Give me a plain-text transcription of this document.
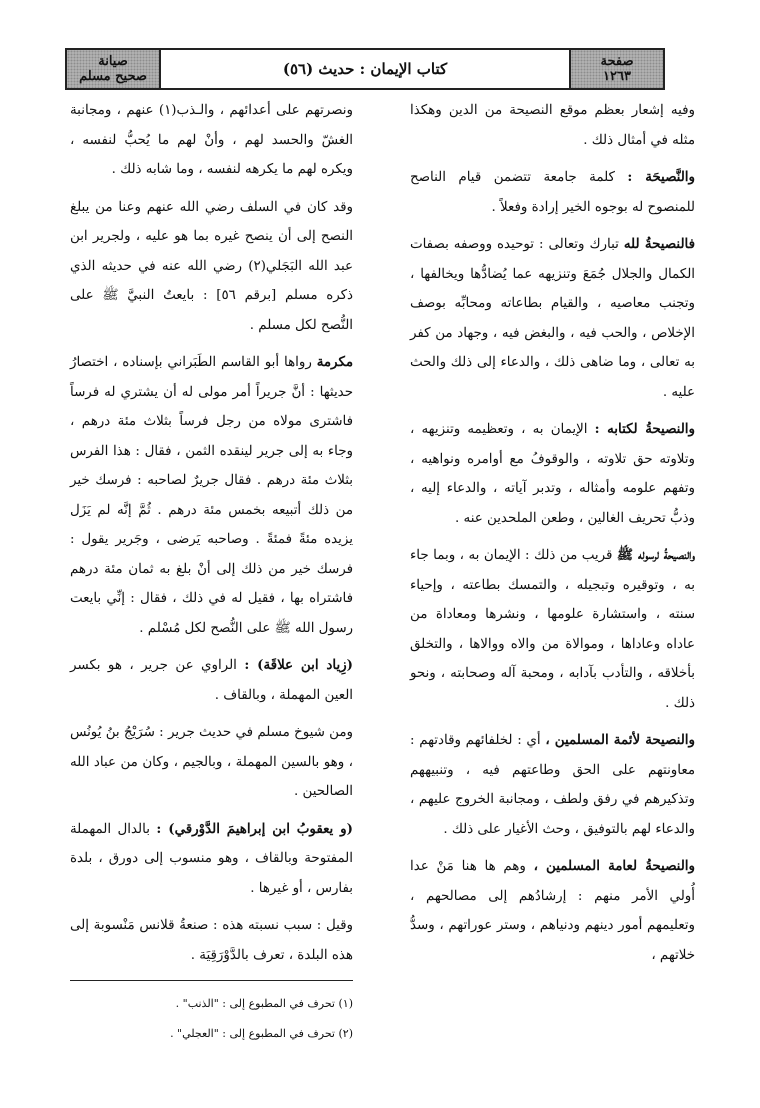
صفحة
١٢٦٣
كتاب الإيمان : حديث (٥٦)
صيانة
صحيح مسلم

وفيه إشعار بعظم موقع النصيحة من الدين وهكذا مثله في أمثال ذلك .

والنَّصيحَة : كلمة جامعة تتضمن قيام الناصح للمنصوح له بوجوه الخير إرادة وفعلاً .

فالنصيحةُ لله تبارك وتعالى : توحيده ووصفه بصفات الكمال والجلال جُمَعَ وتنزيهه عما يُضادُّها ويخالفها ، وتجنب معاصيه ، والقيام بطاعاته ومحابِّه بوصف الإخلاص ، والحب فيه ، والبغض فيه ، وجهاد من كفر به تعالى ، وما ضاهى ذلك ، والدعاء إلى ذلك والحث عليه .

والنصيحةُ لكتابه : الإيمان به ، وتعظيمه وتنزيهه ، وتلاوته حق تلاوته ، والوقوفُ مع أوامره ونواهيه ، وتفهم علومه وأمثاله ، وتدبر آياته ، والدعاء إليه ، وذبُّ تحريف الغالين ، وطعن الملحدين عنه .

والنصيحةُ لرسوله ﷺ قريب من ذلك : الإيمان به ، وبما جاء به ، وتوقيره وتبجيله ، والتمسك بطاعته ، وإحياء سنته ، واستشارة علومها ، ونشرها ومعاداة من عاداه وعاداها ، وموالاة من والاه ووالاها ، والتخلق بأخلاقه ، والتأدب بآدابه ، ومحبة آله وصحابته ، ونحو ذلك .

والنصيحة لأئمة المسلمين ، أي : لخلفائهم وقادتهم : معاونتهم على الحق وطاعتهم فيه ، وتنبيههم وتذكيرهم في رفق ولطف ، ومجانبة الخروج عليهم ، والدعاء لهم بالتوفيق ، وحث الأغيار على ذلك .

والنصيحةُ لعامة المسلمين ، وهم ها هنا مَنْ عدا أُولي الأمر منهم : إرشادُهم إلى مصالحهم ، وتعليمهم أمور دينهم ودنياهم ، وستر عوراتهم ، وسدُّ خلاتهم ،

ونصرتهم على أعدائهم ، والـذب(١) عنهم ، ومجانبة الغشّ والحسد لهم ، وأنْ لهم ما يُحبُّ لنفسه ، ويكره لهم ما يكرهه لنفسه ، وما شابه ذلك .

وقد كان في السلف رضي الله عنهم وعنا من يبلغ النصح إلى أن ينصح غيره بما هو عليه ، ولجرير ابن عبد الله البَجَلي(٢) رضي الله عنه في حديثه الذي ذكره مسلم [برقم ٥٦] : بايعتُ النبيَّ ﷺ على النُّصح لكل مسلم .

مكرمة رواها أبو القاسم الطَبَراني بإسناده ، اختصارُ حديثها : أنَّ جريراً أمر مولى له أن يشتري له فرساً فاشترى مولاه من رجل فرساً بثلاث مئة درهم ، وجاء به إلى جرير لينقده الثمن ، فقال : هذا الفرس بثلاث مئة درهم . فقال جريرٌ لصاحبه : فرسك خير من ذلك أتبيعه بخمس مئة درهم . ثُمَّ إنَّه لم يَزَل يزيده مئةً فمئةً . وصاحبه يَرضى ، وجَرير يقول : فرسك خير من ذلك إلى أنْ بلغ به ثمان مئة درهم فاشتراه بها ، فقيل له في ذلك ، فقال : إنِّي بايعت رسول الله ﷺ على النُّصح لكل مُسْلم .

(زِياد ابن علاقَة) : الراوي عن جرير ، هو بكسر العين المهملة ، وبالقاف .

ومن شيوخ مسلم في حديث جرير : سُرَيْجُ بنُ يُونُس ، وهو بالسين المهملة ، وبالجيم ، وكان من عباد الله الصالحين .

(و يعقوبُ ابن إبراهيمَ الدَّوْرقي) : بالدال المهملة المفتوحة وبالقاف ، وهو منسوب إلى دورق ، بلدة بفارس ، أو غيرها .

وقيل : سبب نسبته هذه : صنعةُ قلانس مَنْسوبة إلى هذه البلدة ، تعرف بالدَّوْرَقِيَة .

(١) تحرف في المطبوع إلى : "الذنب" .
(٢) تحرف في المطبوع إلى : "العجلي" .
